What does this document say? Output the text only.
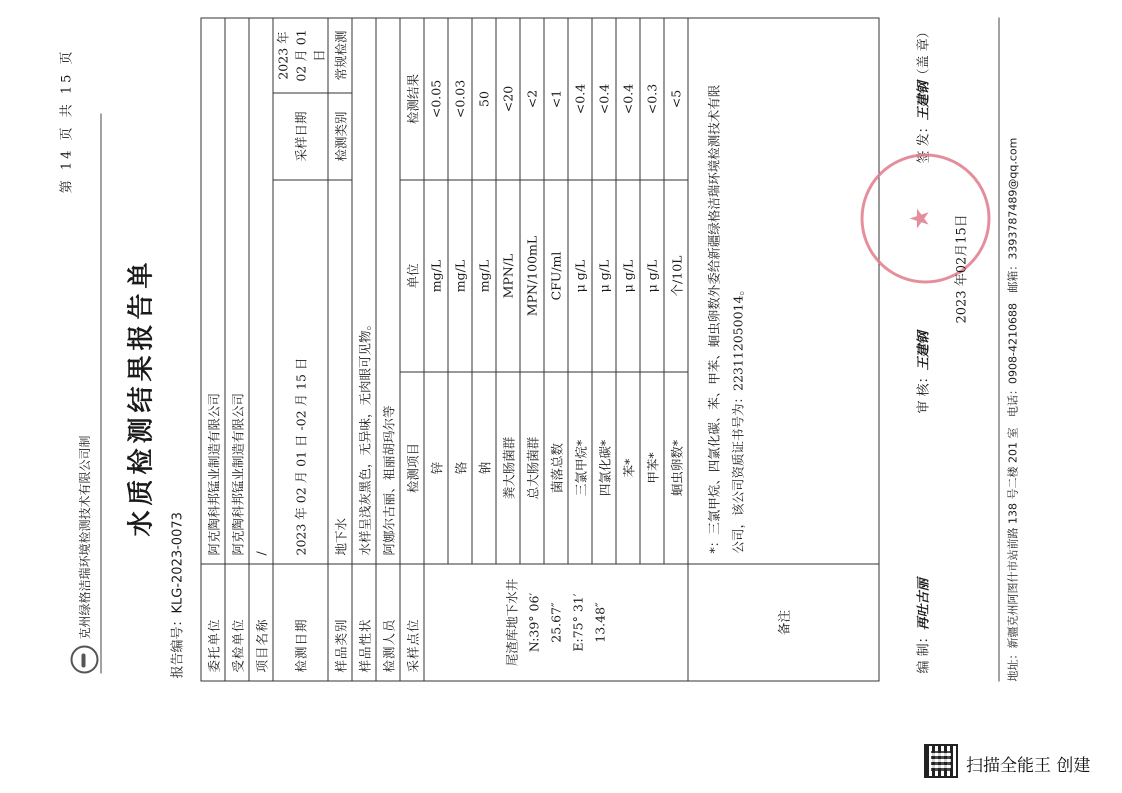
第 14 页 共 15 页
克州绿格洁瑞环境检测技术有限公司制
水质检测结果报告单
报告编号：KLG-2023-0073 委托单位	阿克陶科邦锰业制造有限公司			
受检单位	阿克陶科邦锰业制造有限公司			
项目名称	/			
检测日期	2023 年 02 月 01 日 -02 月 15 日		采样日期	2023 年 02 月 01 日
样品类别	地下水		检测类别	常规检测
样品性状	水样呈浅灰黑色，无异味，无肉眼可见物。			
检测人员	阿娜尔古丽、祖丽胡玛尔等			
采样点位	检测项目	单位	检测结果	

尾渣库地下水井 N:39° 06′ 25.67″ E:75° 31′ 13.48″	锌	mg/L	<0.05	
	铬	mg/L	<0.03	
	钠	mg/L	50	
	粪大肠菌群	MPN/L	<20	
	总大肠菌群	MPN/100mL	<2	
	菌落总数	CFU/ml	<1	
	三氯甲烷*	μ g/L	<0.4	
	四氯化碳*	μ g/L	<0.4	
	苯*	μ g/L	<0.4	
	甲苯*	μ g/L	<0.3	
	蛔虫卵数*	个/10L	<5	
备注	*：三氯甲烷、四氯化碳、苯、甲苯、蛔虫卵数外委给新疆绿格洁瑞环境检测技术有限 公司，该公司资质证书号为：223112050014。			
编 制：再吐古丽
审 核：王建钢
签 发：王建钢（盖 章）
★	2023 年02月15日
地址：新疆克州阿图什市站前路 138 号二楼 201 室   电话：0908-4210688   邮箱：3393787489@qq.com
扫描全能王 创建
